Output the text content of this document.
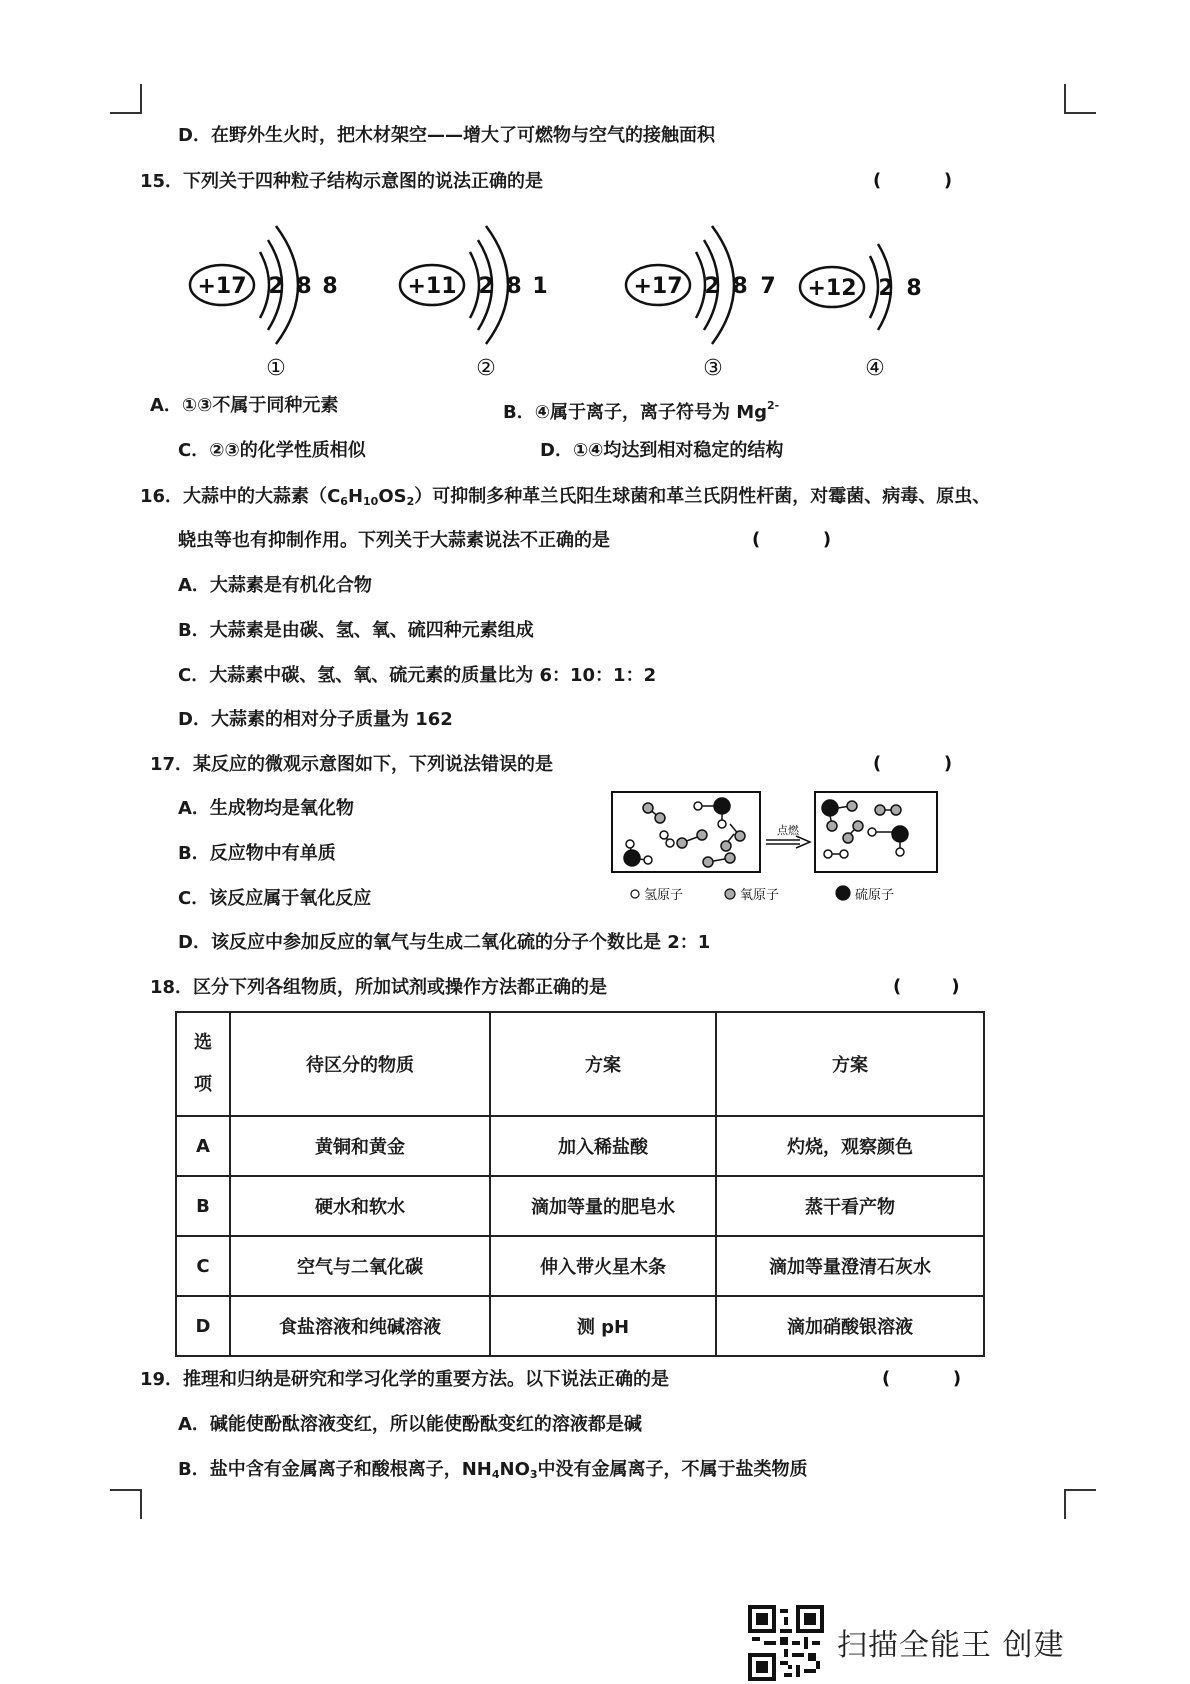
D．在野外生火时，把木材架空——增大了可燃物与空气的接触面积
15．下列关于四种粒子结构示意图的说法正确的是	(          )
+17 2 8 8	+11 2 8 1	+17 2 8 7 +12 2 8
①	②	③	④
A．①③不属于同种元素	B．④属于离子，离子符号为 $Mg^{2-}$
C．②③的化学性质相似	D．①④均达到相对稳定的结构
16．大蒜中的大蒜素$(C_6H_{10}OS_2)$可抑制多种革兰氏阳生球菌和革兰氏阴性杆菌，对霉菌、病毒、原虫、
蛲虫等也有抑制作用。下列关于大蒜素说法不正确的是	(          )
A．大蒜素是有机化合物
B．大蒜素是由碳、氢、氧、硫四种元素组成
C．大蒜素中碳、氢、氧、硫元素的质量比为 6：10：1：2
D．大蒜素的相对分子质量为 162
17．某反应的微观示意图如下，下列说法错误的是	(          )
A．生成物均是氧化物
B．反应物中有单质
C．该反应属于氧化反应
D．该反应中参加反应的氧气与生成二氧化硫的分子个数比是 2：1
点燃
氢原子	氧原子	硫原子
18．区分下列各组物质，所加试剂或操作方法都正确的是	(        )
选
项	待区分的物质	方案	方案
A	黄铜和黄金	加入稀盐酸	灼烧，观察颜色
B	硬水和软水	滴加等量的肥皂水	蒸干看产物
C	空气与二氧化碳	伸入带火星木条	滴加等量澄清石灰水
D	食盐溶液和纯碱溶液	测 pH	滴加硝酸银溶液
19．推理和归纳是研究和学习化学的重要方法。以下说法正确的是	(          )
A．碱能使酚酞溶液变红，所以能使酚酞变红的溶液都是碱
B．盐中含有金属离子和酸根离子，$NH_4NO_3$中没有金属离子，不属于盐类物质
扫描全能王 创建
